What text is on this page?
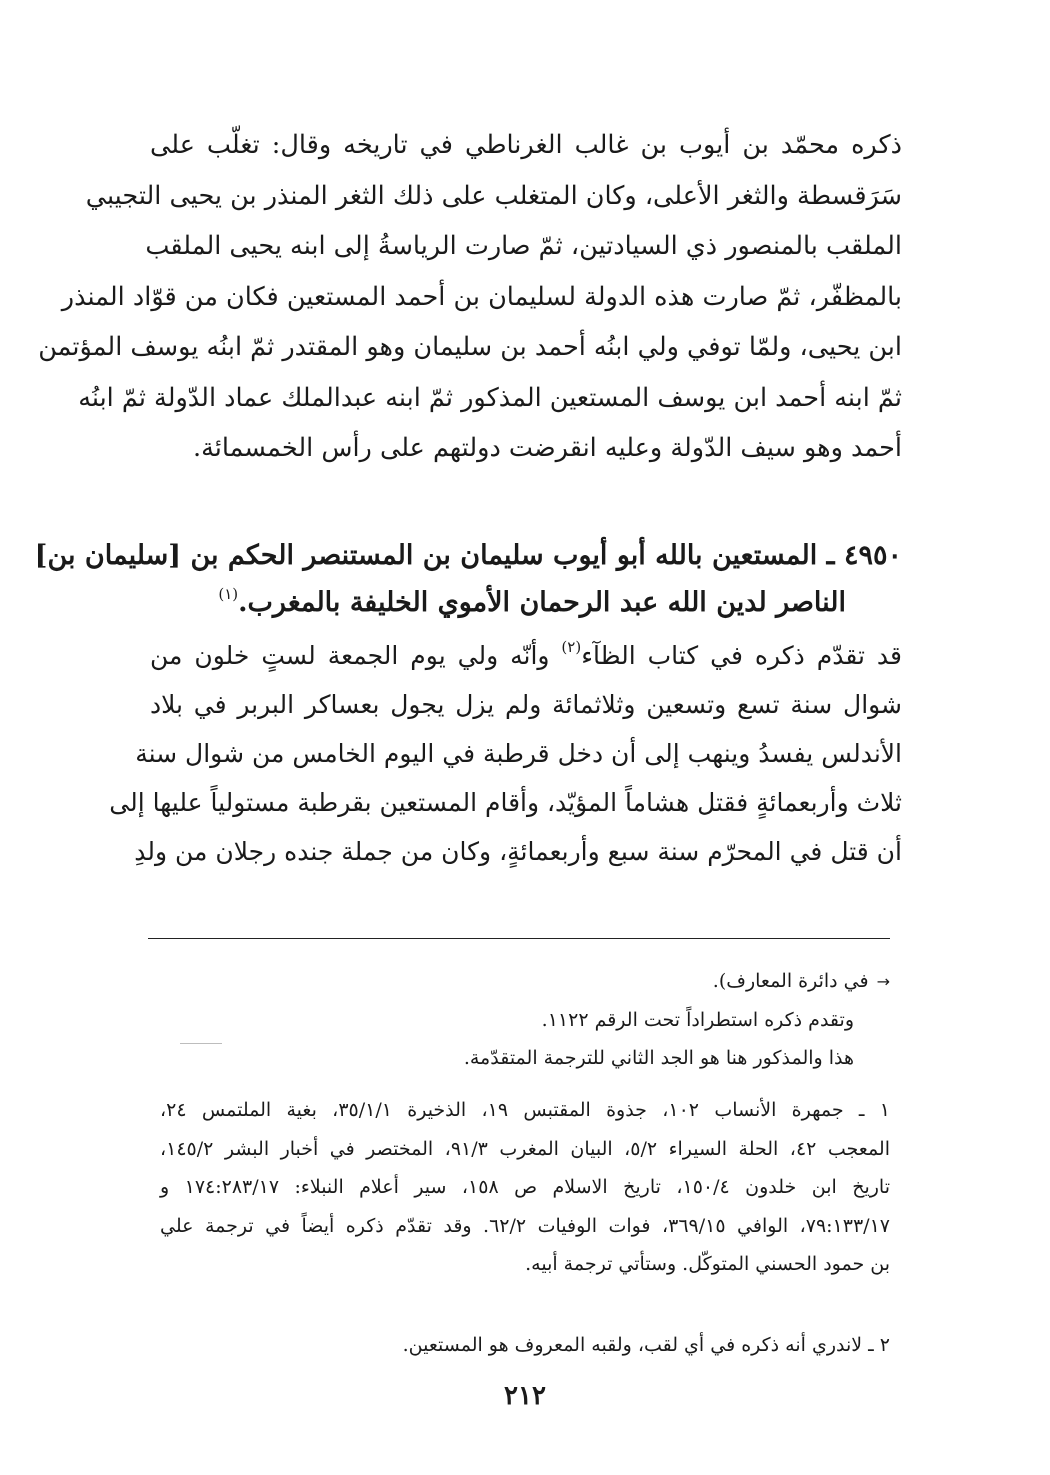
ذكره محمّد بن أيوب بن غالب الغرناطي في تاريخه وقال: تغلّب على
سَرَقسطة والثغر الأعلى، وكان المتغلب على ذلك الثغر المنذر بن يحيى التجيبي
الملقب بالمنصور ذي السيادتين، ثمّ صارت الرياسةُ إلى ابنه يحيى الملقب
بالمظفّر، ثمّ صارت هذه الدولة لسليمان بن أحمد المستعين فكان من قوّاد المنذر
ابن يحيى، ولمّا توفي ولي ابنُه أحمد بن سليمان وهو المقتدر ثمّ ابنُه يوسف المؤتمن
ثمّ ابنه أحمد ابن يوسف المستعين المذكور ثمّ ابنه عبدالملك عماد الدّولة ثمّ ابنُه
أحمد وهو سيف الدّولة وعليه انقرضت دولتهم على رأس الخمسمائة.
٤٩٥٠ ـ المستعين بالله أبو أيوب سليمان بن المستنصر الحكم بن [سليمان بن]
الناصر لدين الله عبد الرحمان الأموي الخليفة بالمغرب.$^{(١)}$
قد تقدّم ذكره في كتاب الظآء$^{(٢)}$ وأنّه ولي يوم الجمعة لستٍ خلون من
شوال سنة تسع وتسعين وثلاثمائة ولم يزل يجول بعساكر البربر في بلاد
الأندلس يفسدُ وينهب إلى أن دخل قرطبة في اليوم الخامس من شوال سنة
ثلاث وأربعمائةٍ فقتل هشاماً المؤيّد، وأقام المستعين بقرطبة مستولياً عليها إلى
أن قتل في المحرّم سنة سبع وأربعمائةٍ، وكان من جملة جنده رجلان من ولدِ
→في دائرة المعارف).
وتقدم ذكره استطراداً تحت الرقم ١١٢٢.
هذا والمذكور هنا هو الجد الثاني للترجمة المتقدّمة.
١ ـ جمهرة الأنساب ١٠٢، جذوة المقتبس ١٩، الذخيرة ٣٥/١/١، بغية الملتمس ٢٤،
المعجب ٤٢، الحلة السيراء ٥/٢، البيان المغرب ٩١/٣، المختصر في أخبار البشر ١٤٥/٢،
تاريخ ابن خلدون ١٥٠/٤، تاريخ الاسلام ص ١٥٨، سير أعلام النبلاء: ١٧٤:٢٨٣/١٧ و
٧٩:١٣٣/١٧، الوافي ٣٦٩/١٥، فوات الوفيات ٦٢/٢. وقد تقدّم ذكره أيضاً في ترجمة علي
بن حمود الحسني المتوكّل. وستأتي ترجمة أبيه.
٢ ـ لاندري أنه ذكره في أي لقب، ولقبه المعروف هو المستعين.
٢١٢
